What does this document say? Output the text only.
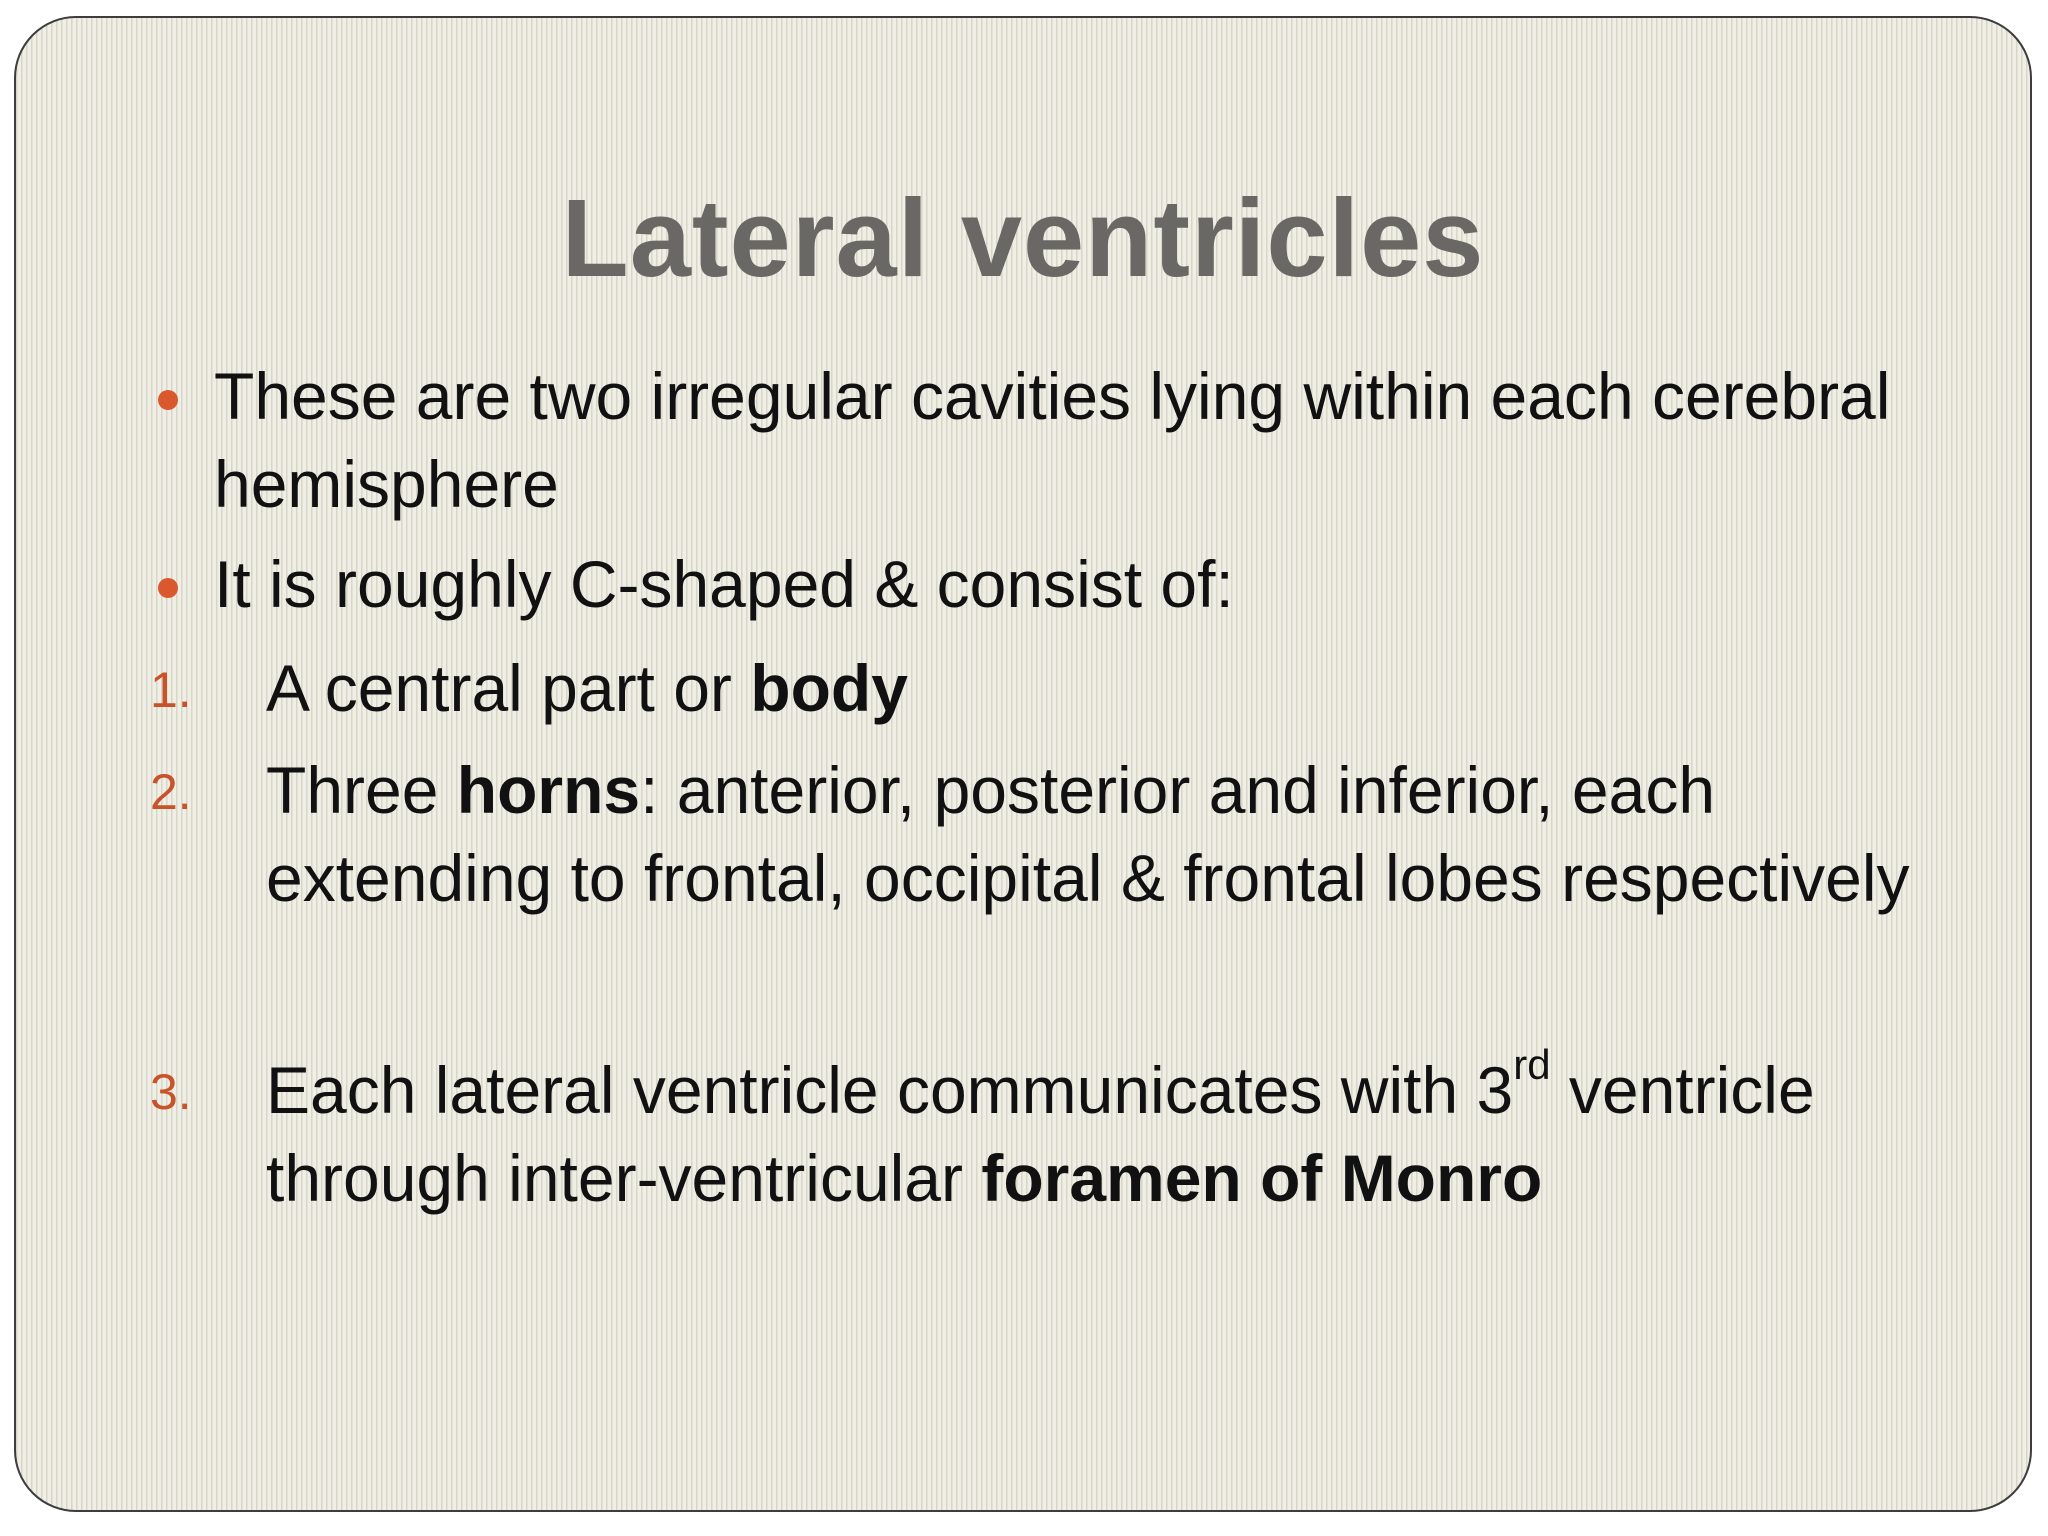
Lateral ventricles
These are two irregular cavities lying within each cerebral hemisphere
It is roughly C-shaped & consist of:
1. A central part or body
2. Three horns: anterior, posterior and inferior, each extending to frontal, occipital & frontal lobes respectively
3. Each lateral ventricle communicates with 3rd ventricle through inter-ventricular foramen of Monro
